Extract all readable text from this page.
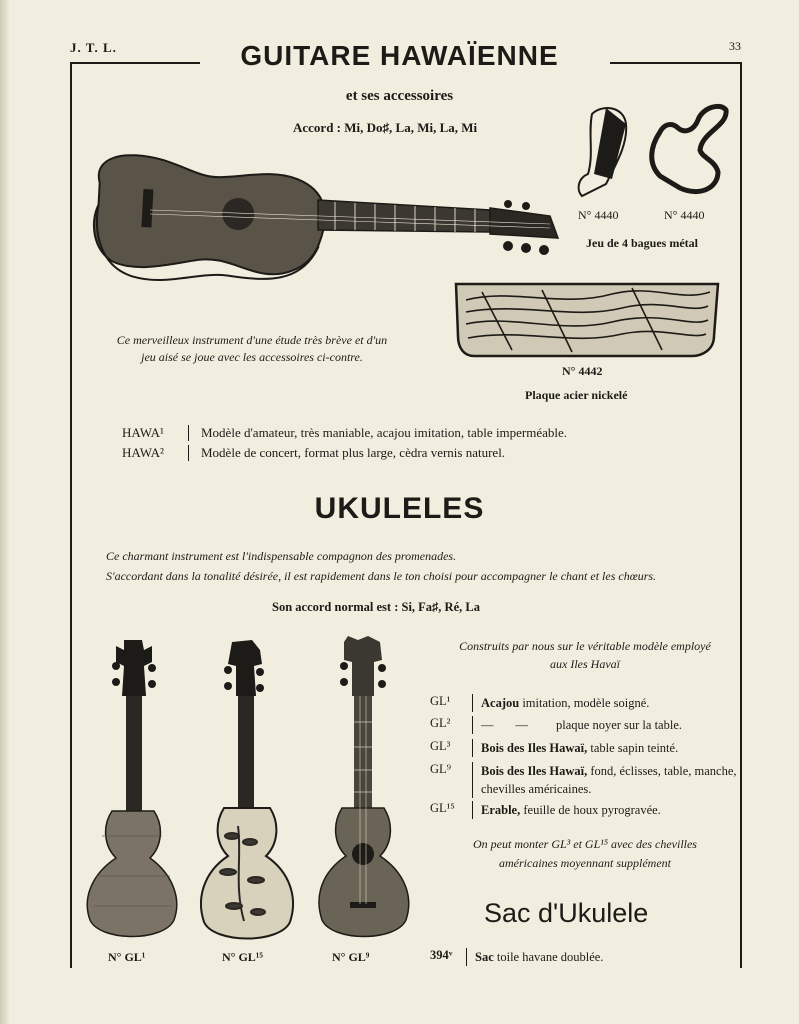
J. T. L.	33
GUITARE HAWAÏENNE
et ses accessoires
Accord : Mi, Do♯, La, Mi, La, Mi
Ce merveilleux instrument d'une étude très brève et d'un
jeu aisé se joue avec les accessoires ci-contre.
N° 4440	N° 4440
Jeu de 4 bagues métal
N° 4442
Plaque acier nickelé
HAWA¹	Modèle d'amateur, très maniable, acajou imitation, table imperméable.
HAWA²	Modèle de concert, format plus large, cèdra vernis naturel.
UKULELES
Ce charmant instrument est l'indispensable compagnon des promenades.
S'accordant dans la tonalité désirée, il est rapidement dans le ton choisi pour accompagner le chant et les chœurs.
Son accord normal est : Si, Fa♯, Ré, La
N° GL¹	N° GL¹⁵	N° GL⁹
Construits par nous sur le véritable modèle employé
aux Iles Havaï
GL¹	Acajou imitation, modèle soigné.
GL²	—       —         plaque noyer sur la table.
GL³	Bois des Iles Hawaï, table sapin teinté.
GL⁹	Bois des Iles Hawaï, fond, éclisses, table, manche, chevilles américaines.
GL¹⁵	Erable, feuille de houx pyrogravée.
On peut monter GL³ et GL¹⁵ avec des chevilles
américaines moyennant supplément
Sac d'Ukulele
394ᵛ	Sac toile havane doublée.
